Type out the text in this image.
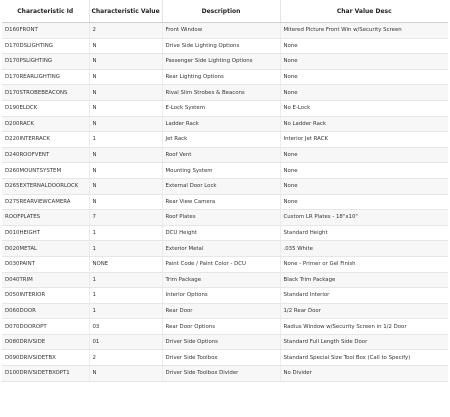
Characteristic Id	Characteristic Value	Description	Char Value Desc
D160FRONT	2	Front Window	Mitered Picture Front Win w/Security Screen
D170DSLIGHTING	N	Drive Side Lighting Options	None
D170PSLIGHTING	N	Passenger Side Lighting Options	None
D170REARLIGHTING	N	Rear Lighting Options	None
D170STROBEBEACONS	N	Rival Slim Strobes & Beacons	None
D190ELOCK	N	E-Lock System	No E-Lock
D200RACK	N	Ladder Rack	No Ladder Rack
D220INTERRACK	1	Jet Rack	Interior Jet RACK
D240ROOFVENT	N	Roof Vent	None
D260MOUNTSYSTEM	N	Mounting System	None
D265EXTERNALDOORLOCK	N	External Door Lock	None
D275REARVIEWCAMERA	N	Rear View Camera	None
ROOFPLATES	7	Roof Plates	Custom LR Plates - 18"x10"
D010HEIGHT	1	DCU Height	Standard Height
D020METAL	1	Exterior Metal	.035 White
D030PAINT	NONE	Paint Code / Paint Color - DCU	None - Primer or Gel Finish
D040TRIM	1	Trim Package	Black Trim Package
D050INTERIOR	1	Interior Options	Standard Interior
D060DOOR	1	Rear Door	1/2 Rear Door
D070DOOROPT	03	Rear Door Options	Radius Window w/Security Screen in 1/2 Door
D080DRIVSIDE	01	Driver Side Options	Standard Full Length Side Door
D090DRIVSIDETBX	2	Driver Side Toolbox	Standard Special Size Tool Box (Call to Specify)
D100DRIVSIDETBXOPT1	N	Driver Side Toolbox Divider	No Divider
